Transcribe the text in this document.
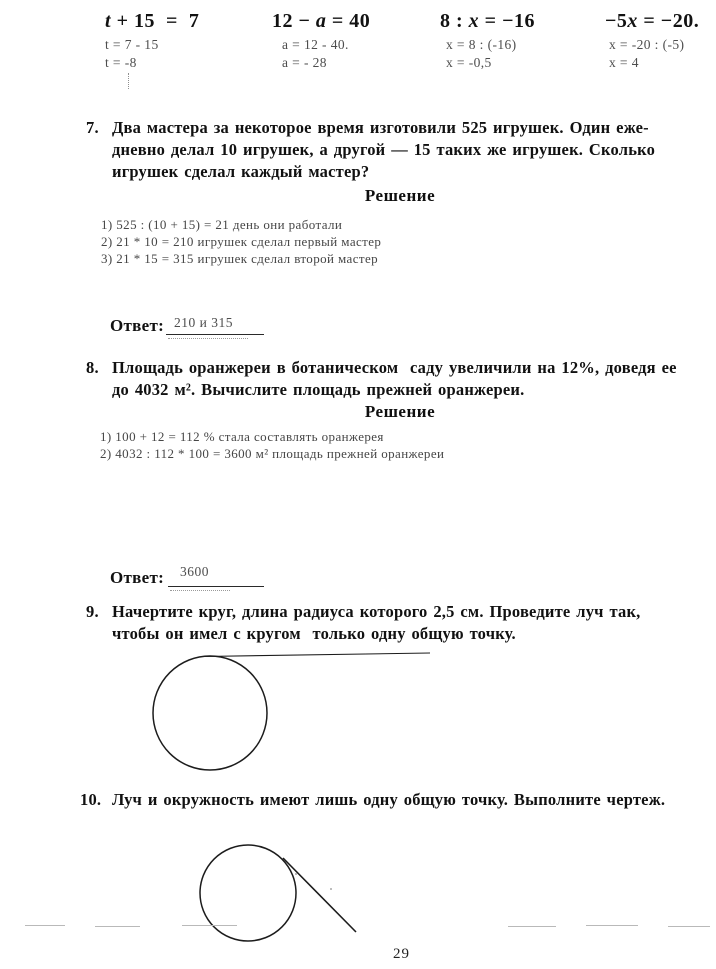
t + 15  =  7
t = 7 - 15
t = -8
12 − a = 40
a = 12 - 40.
a = - 28
8 : x = −16
x = 8 : (-16)
x = -0,5
−5x = −20.
x = -20 : (-5)
x = 4
7. Два мастера за некоторое время изготовили 525 игрушек. Один еже-
дневно делал 10 игрушек, а другой — 15 таких же игрушек. Сколько
игрушек сделал каждый мастер?
Решение
1) 525 : (10 + 15) = 21 день они работали
2) 21 * 10 = 210 игрушек сделал первый мастер
3) 21 * 15 = 315 игрушек сделал второй мастер
Ответ: 210 и 315
8. Площадь оранжереи в ботаническом  саду увеличили на 12%, доведя ее
до 4032 м². Вычислите площадь прежней оранжереи.
Решение
1) 100 + 12 = 112 % стала составлять оранжерея
2) 4032 : 112 * 100 = 3600 м² площадь прежней оранжереи
Ответ: 3600
9. Начертите круг, длина радиуса которого 2,5 см. Проведите луч так,
чтобы он имел с кругом  только одну общую точку.
10. Луч и окружность имеют лишь одну общую точку. Выполните чертеж.
29
